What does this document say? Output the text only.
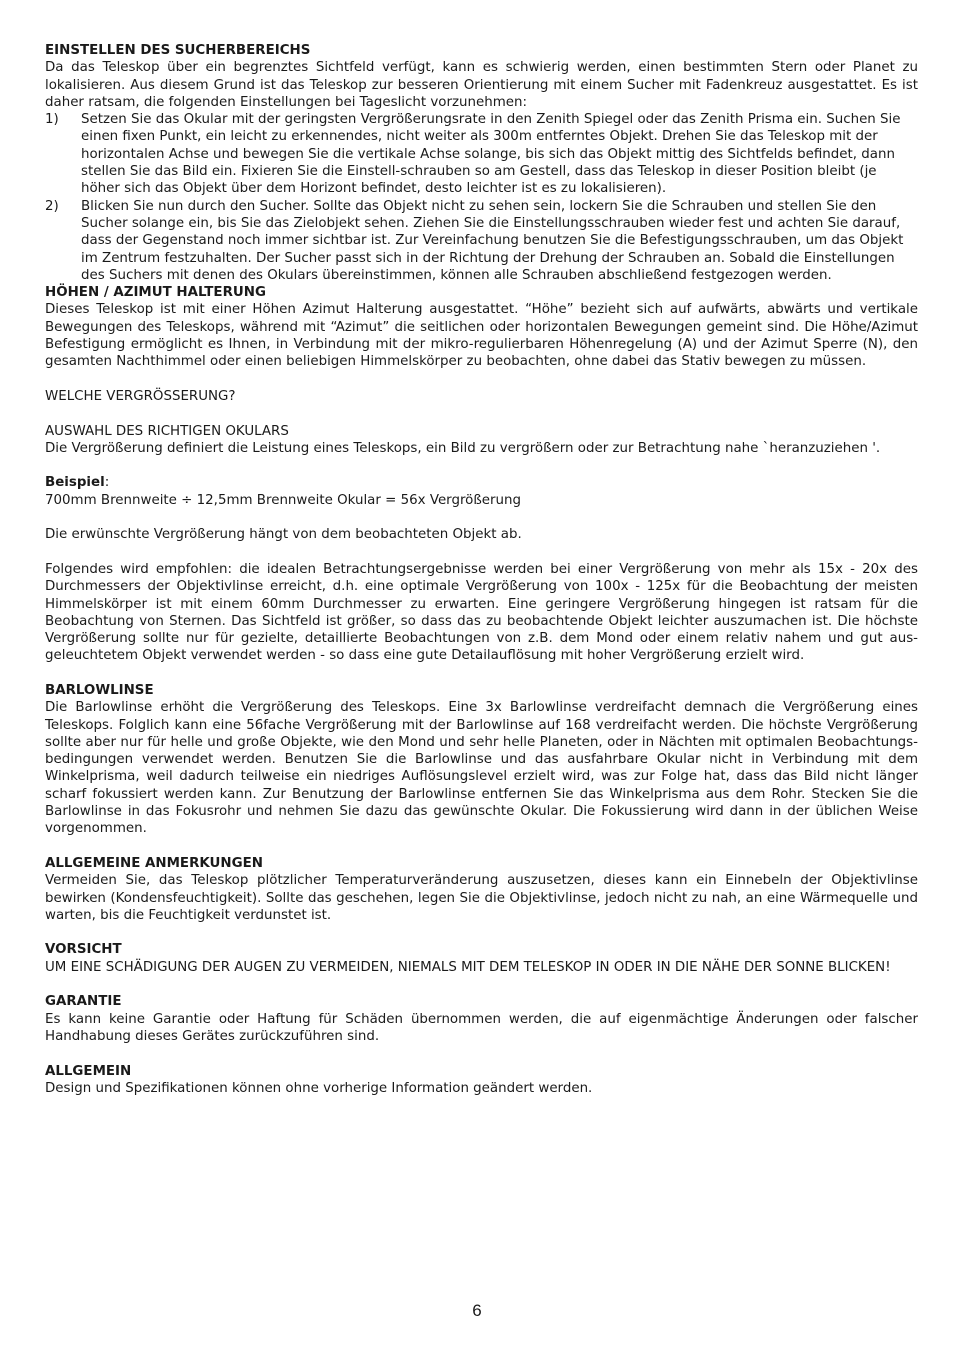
EINSTELLEN DES SUCHERBEREICHS
Da das Teleskop über ein begrenztes Sichtfeld verfügt, kann es schwierig werden, einen bestimmten Stern oder Planet zu lokalisieren. Aus diesem Grund ist das Teleskop zur besseren Orientierung mit einem Sucher mit Fadenkreuz ausgestattet. Es ist daher ratsam, die folgenden Einstellungen bei Tageslicht vorzunehmen:
1) Setzen Sie das Okular mit der geringsten Vergrößerungsrate in den Zenith Spiegel oder das Zenith Prisma ein. Suchen Sie einen fixen Punkt, ein leicht zu erkennendes, nicht weiter als 300m entferntes Objekt. Drehen Sie das Teleskop mit der horizontalen Achse und bewegen Sie die vertikale Achse solange, bis sich das Objekt mittig des Sichtfelds befindet, dann stellen Sie das Bild ein. Fixieren Sie die Einstell-schrauben so am Gestell, dass das Teleskop in dieser Position bleibt (je höher sich das Objekt über dem Horizont befindet, desto leichter ist es zu lokalisieren).
2) Blicken Sie nun durch den Sucher. Sollte das Objekt nicht zu sehen sein, lockern Sie die Schrauben und stellen Sie den Sucher solange ein, bis Sie das Zielobjekt sehen. Ziehen Sie die Einstellungsschrauben wieder fest und achten Sie darauf, dass der Gegenstand noch immer sichtbar ist. Zur Vereinfachung benutzen Sie die Befestigungsschrauben, um das Objekt im Zentrum festzuhalten. Der Sucher passt sich in der Richtung der Drehung der Schrauben an. Sobald die Einstellungen des Suchers mit denen des Okulars übereinstimmen, können alle Schrauben abschließend festgezogen werden.
HÖHEN / AZIMUT HALTERUNG
Dieses Teleskop ist mit einer Höhen Azimut Halterung ausgestattet. “Höhe” bezieht sich auf aufwärts, abwärts und vertikale Bewegungen des Teleskops, während mit “Azimut” die seitlichen oder horizontalen Bewegungen gemeint sind. Die Höhe/Azimut Befestigung ermöglicht es Ihnen, in Verbindung mit der mikro-regulierbaren Höhenregelung (A) und der Azimut Sperre (N), den gesamten Nachthimmel oder einen beliebigen Himmelskörper zu beobachten, ohne dabei das Stativ bewegen zu müssen.
WELCHE VERGRÖSSERUNG?
AUSWAHL DES RICHTIGEN OKULARS
Die Vergrößerung definiert die Leistung eines Teleskops, ein Bild zu vergrößern oder zur Betrachtung nahe `heranzuziehen '.
Beispiel:
700mm Brennweite ÷ 12,5mm Brennweite Okular = 56x Vergrößerung
Die erwünschte Vergrößerung hängt von dem beobachteten Objekt ab.
Folgendes wird empfohlen: die idealen Betrachtungsergebnisse werden bei einer Vergrößerung von mehr als 15x - 20x des Durchmessers der Objektivlinse erreicht, d.h. eine optimale Vergrößerung von 100x - 125x für die Beobachtung der meisten Himmelskörper ist mit einem 60mm Durchmesser zu erwarten. Eine geringere Vergrößerung hingegen ist ratsam für die Beobachtung von Sternen. Das Sichtfeld ist größer, so dass das zu beobachtende Objekt leichter auszumachen ist. Die höchste Vergrößerung sollte nur für gezielte, detaillierte Beobachtungen von z.B. dem Mond oder einem relativ nahem und gut aus-geleuchtetem Objekt verwendet werden - so dass eine gute Detailauflösung mit hoher Vergrößerung erzielt wird.
BARLOWLINSE
Die Barlowlinse erhöht die Vergrößerung des Teleskops. Eine 3x Barlowlinse verdreifacht demnach die Vergrößerung eines Teleskops. Folglich kann eine 56fache Vergrößerung mit der Barlowlinse auf 168 verdreifacht werden. Die höchste Vergrößerung sollte aber nur für helle und große Objekte, wie den Mond und sehr helle Planeten, oder in Nächten mit optimalen Beobachtungs-bedingungen verwendet werden. Benutzen Sie die Barlowlinse und das ausfahrbare Okular nicht in Verbindung mit dem Winkelprisma, weil dadurch teilweise ein niedriges Auflösungslevel erzielt wird, was zur Folge hat, dass das Bild nicht länger scharf fokussiert werden kann. Zur Benutzung der Barlowlinse entfernen Sie das Winkelprisma aus dem Rohr. Stecken Sie die Barlowlinse in das Fokusrohr und nehmen Sie dazu das gewünschte Okular. Die Fokussierung wird dann in der üblichen Weise vorgenommen.
ALLGEMEINE ANMERKUNGEN
Vermeiden Sie, das Teleskop plötzlicher Temperaturveränderung auszusetzen, dieses kann ein Einnebeln der Objektivlinse bewirken (Kondensfeuchtigkeit). Sollte das geschehen, legen Sie die Objektivlinse, jedoch nicht zu nah, an eine Wärmequelle und warten, bis die Feuchtigkeit verdunstet ist.
VORSICHT
UM EINE SCHÄDIGUNG DER AUGEN ZU VERMEIDEN, NIEMALS MIT DEM TELESKOP IN ODER IN DIE NÄHE DER SONNE BLICKEN!
GARANTIE
Es kann keine Garantie oder Haftung für Schäden übernommen werden, die auf eigenmächtige Änderungen oder falscher Handhabung dieses Gerätes zurückzuführen sind.
ALLGEMEIN
Design und Spezifikationen können ohne vorherige Information geändert werden.
6
